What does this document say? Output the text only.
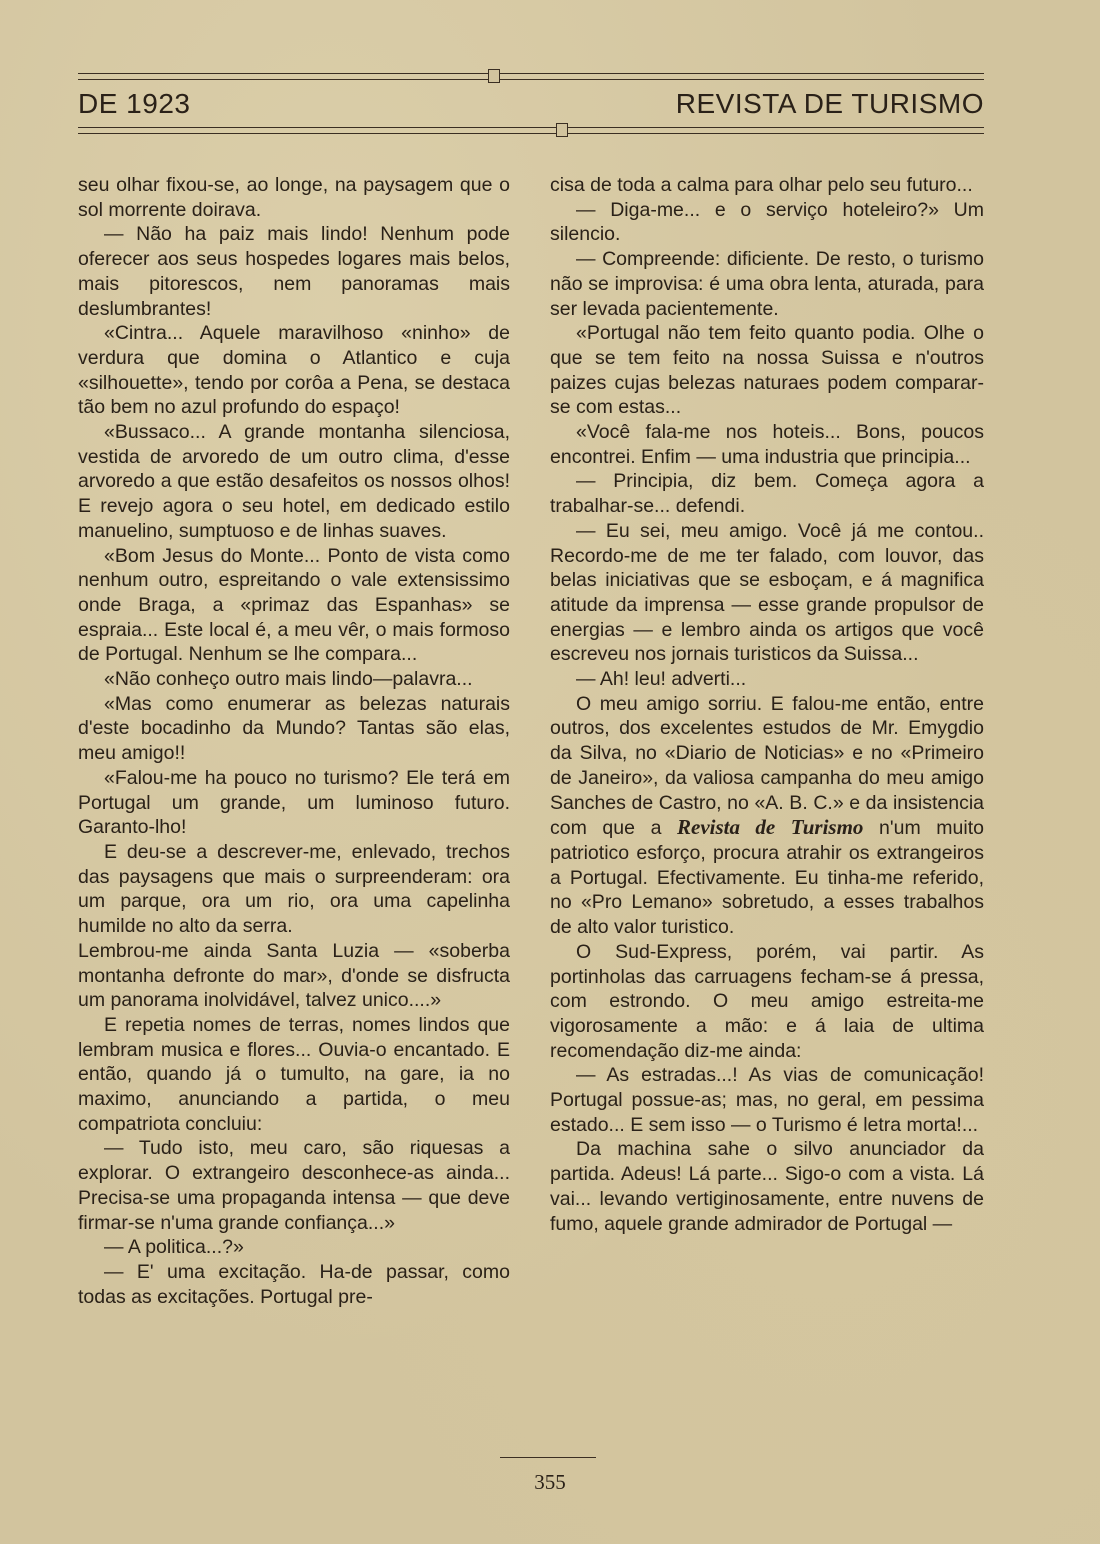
DE 1923	REVISTA DE TURISMO

seu olhar fixou-se, ao longe, na paysagem que o sol morrente doirava.

— Não ha paiz mais lindo! Nenhum pode oferecer aos seus hospedes logares mais belos, mais pitorescos, nem panoramas mais deslumbrantes!

«Cintra... Aquele maravilhoso «ninho» de verdura que domina o Atlantico e cuja «silhouette», tendo por corôa a Pena, se destaca tão bem no azul profundo do espaço!

«Bussaco... A grande montanha silenciosa, vestida de arvoredo de um outro clima, d'esse arvoredo a que estão desafeitos os nossos olhos! E revejo agora o seu hotel, em dedicado estilo manuelino, sumptuoso e de linhas suaves.

«Bom Jesus do Monte... Ponto de vista como nenhum outro, espreitando o vale extensissimo onde Braga, a «primaz das Espanhas» se espraia... Este local é, a meu vêr, o mais formoso de Portugal. Nenhum se lhe compara...

«Não conheço outro mais lindo—palavra...

«Mas como enumerar as belezas naturais d'este bocadinho da Mundo? Tantas são elas, meu amigo!!

«Falou-me ha pouco no turismo? Ele terá em Portugal um grande, um luminoso futuro. Garanto-lho!

E deu-se a descrever-me, enlevado, trechos das paysagens que mais o surpreenderam: ora um parque, ora um rio, ora uma capelinha humilde no alto da serra.

Lembrou-me ainda Santa Luzia — «soberba montanha defronte do mar», d'onde se disfructa um panorama inolvidável, talvez unico....»

E repetia nomes de terras, nomes lindos que lembram musica e flores... Ouvia-o encantado. E então, quando já o tumulto, na gare, ia no maximo, anunciando a partida, o meu compatriota concluiu:

— Tudo isto, meu caro, são riquesas a explorar. O extrangeiro desconhece-as ainda... Precisa-se uma propaganda intensa — que deve firmar-se n'uma grande confiança...»

— A politica...?»

— E' uma excitação. Ha-de passar, como todas as excitações. Portugal pre-

cisa de toda a calma para olhar pelo seu futuro...

— Diga-me... e o serviço hoteleiro?» Um silencio.

— Compreende: dificiente. De resto, o turismo não se improvisa: é uma obra lenta, aturada, para ser levada pacientemente.

«Portugal não tem feito quanto podia. Olhe o que se tem feito na nossa Suissa e n'outros paizes cujas belezas naturaes podem comparar-se com estas...

«Você fala-me nos hoteis... Bons, poucos encontrei. Enfim — uma industria que principia...

— Principia, diz bem. Começa agora a trabalhar-se... defendi.

— Eu sei, meu amigo. Você já me contou.. Recordo-me de me ter falado, com louvor, das belas iniciativas que se esboçam, e á magnifica atitude da imprensa — esse grande propulsor de energias — e lembro ainda os artigos que você escreveu nos jornais turisticos da Suissa...

— Ah! leu! adverti...

O meu amigo sorriu. E falou-me então, entre outros, dos excelentes estudos de Mr. Emygdio da Silva, no «Diario de Noticias» e no «Primeiro de Janeiro», da valiosa campanha do meu amigo Sanches de Castro, no «A. B. C.» e da insistencia com que a Revista de Turismo n'um muito patriotico esforço, procura atrahir os extrangeiros a Portugal. Efectivamente. Eu tinha-me referido, no «Pro Lemano» sobretudo, a esses trabalhos de alto valor turistico.

O Sud-Express, porém, vai partir. As portinholas das carruagens fecham-se á pressa, com estrondo. O meu amigo estreita-me vigorosamente a mão: e á laia de ultima recomendação diz-me ainda:

— As estradas...! As vias de comunicação! Portugal possue-as; mas, no geral, em pessima estado... E sem isso — o Turismo é letra morta!...

Da machina sahe o silvo anunciador da partida. Adeus! Lá parte... Sigo-o com a vista. Lá vai... levando vertiginosamente, entre nuvens de fumo, aquele grande admirador de Portugal —

355
